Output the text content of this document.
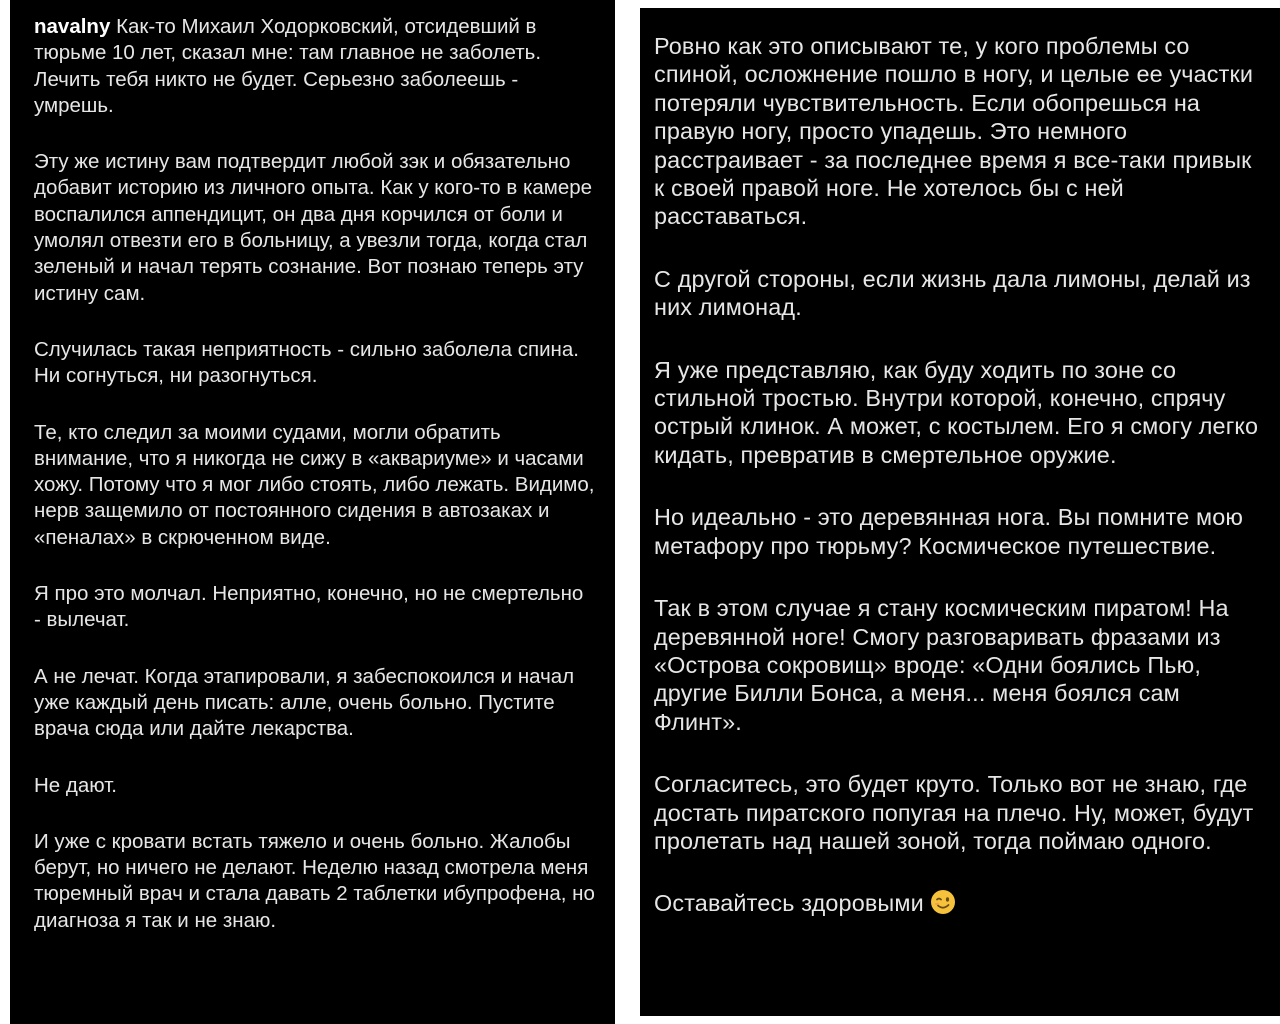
navalny Как-то Михаил Ходорковский, отсидевший в тюрьме 10 лет, сказал мне: там главное не заболеть. Лечить тебя никто не будет. Серьезно заболеешь - умрешь.

Эту же истину вам подтвердит любой зэк и обязательно добавит историю из личного опыта. Как у кого-то в камере воспалился аппендицит, он два дня корчился от боли и умолял отвезти его в больницу, а увезли тогда, когда стал зеленый и начал терять сознание. Вот познаю теперь эту истину сам.

Случилась такая неприятность - сильно заболела спина. Ни согнуться, ни разогнуться.

Те, кто следил за моими судами, могли обратить внимание, что я никогда не сижу в «аквариуме» и часами хожу. Потому что я мог либо стоять, либо лежать. Видимо, нерв защемило от постоянного сидения в автозаках и «пеналах» в скрюченном виде.

Я про это молчал. Неприятно, конечно, но не смертельно - вылечат.

А не лечат. Когда этапировали, я забеспокоился и начал уже каждый день писать: алле, очень больно. Пустите врача сюда или дайте лекарства.

Не дают.

И уже с кровати встать тяжело и очень больно. Жалобы берут, но ничего не делают. Неделю назад смотрела меня тюремный врач и стала давать 2 таблетки ибупрофена, но диагноза я так и не знаю.

Ровно как это описывают те, у кого проблемы со спиной, осложнение пошло в ногу, и целые ее участки потеряли чувствительность. Если обопрешься на правую ногу, просто упадешь. Это немного расстраивает - за последнее время я все-таки привык к своей правой ноге. Не хотелось бы с ней расставаться.

С другой стороны, если жизнь дала лимоны, делай из них лимонад.

Я уже представляю, как буду ходить по зоне со стильной тростью. Внутри которой, конечно, спрячу острый клинок. А может, с костылем. Его я смогу легко кидать, превратив в смертельное оружие.

Но идеально - это деревянная нога. Вы помните мою метафору про тюрьму? Космическое путешествие.

Так в этом случае я стану космическим пиратом! На деревянной ноге! Смогу разговаривать фразами из «Острова сокровищ» вроде: «Одни боялись Пью, другие Билли Бонса, а меня... меня боялся сам Флинт».

Согласитесь, это будет круто. Только вот не знаю, где достать пиратского попугая на плечо. Ну, может, будут пролетать над нашей зоной, тогда поймаю одного.

Оставайтесь здоровыми
